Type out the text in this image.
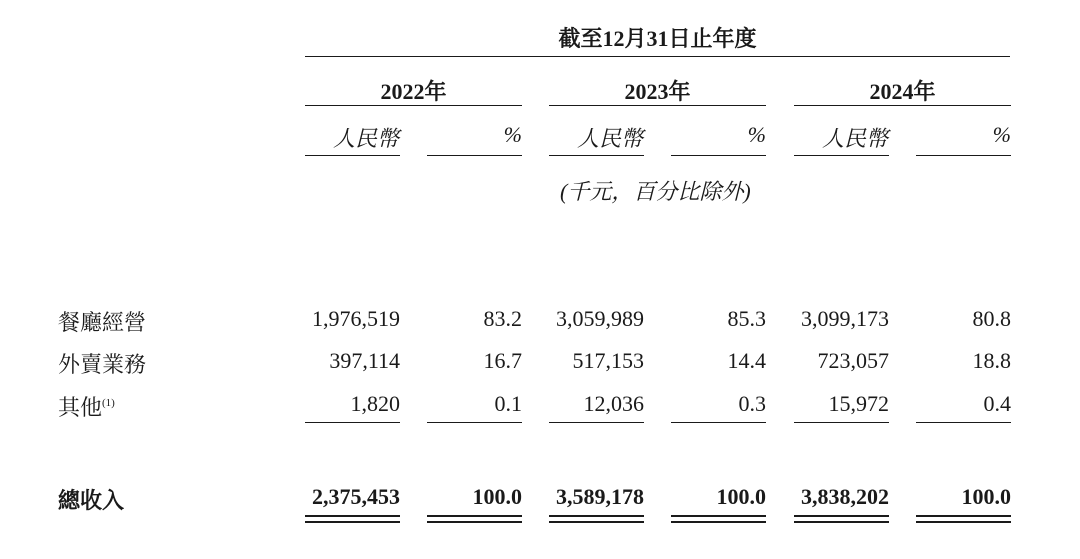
截至12月31日止年度
2022年	2023年	2024年
人民幣	%	人民幣	%	人民幣	%
(千元，百分比除外)
餐廳經營	1,976,519	83.2	3,059,989	85.3	3,099,173	80.8
外賣業務	397,114	16.7	517,153	14.4	723,057	18.8
其他$^{(1)}$	1,820	0.1	12,036	0.3	15,972	0.4
總收入	2,375,453	100.0	3,589,178	100.0	3,838,202	100.0
